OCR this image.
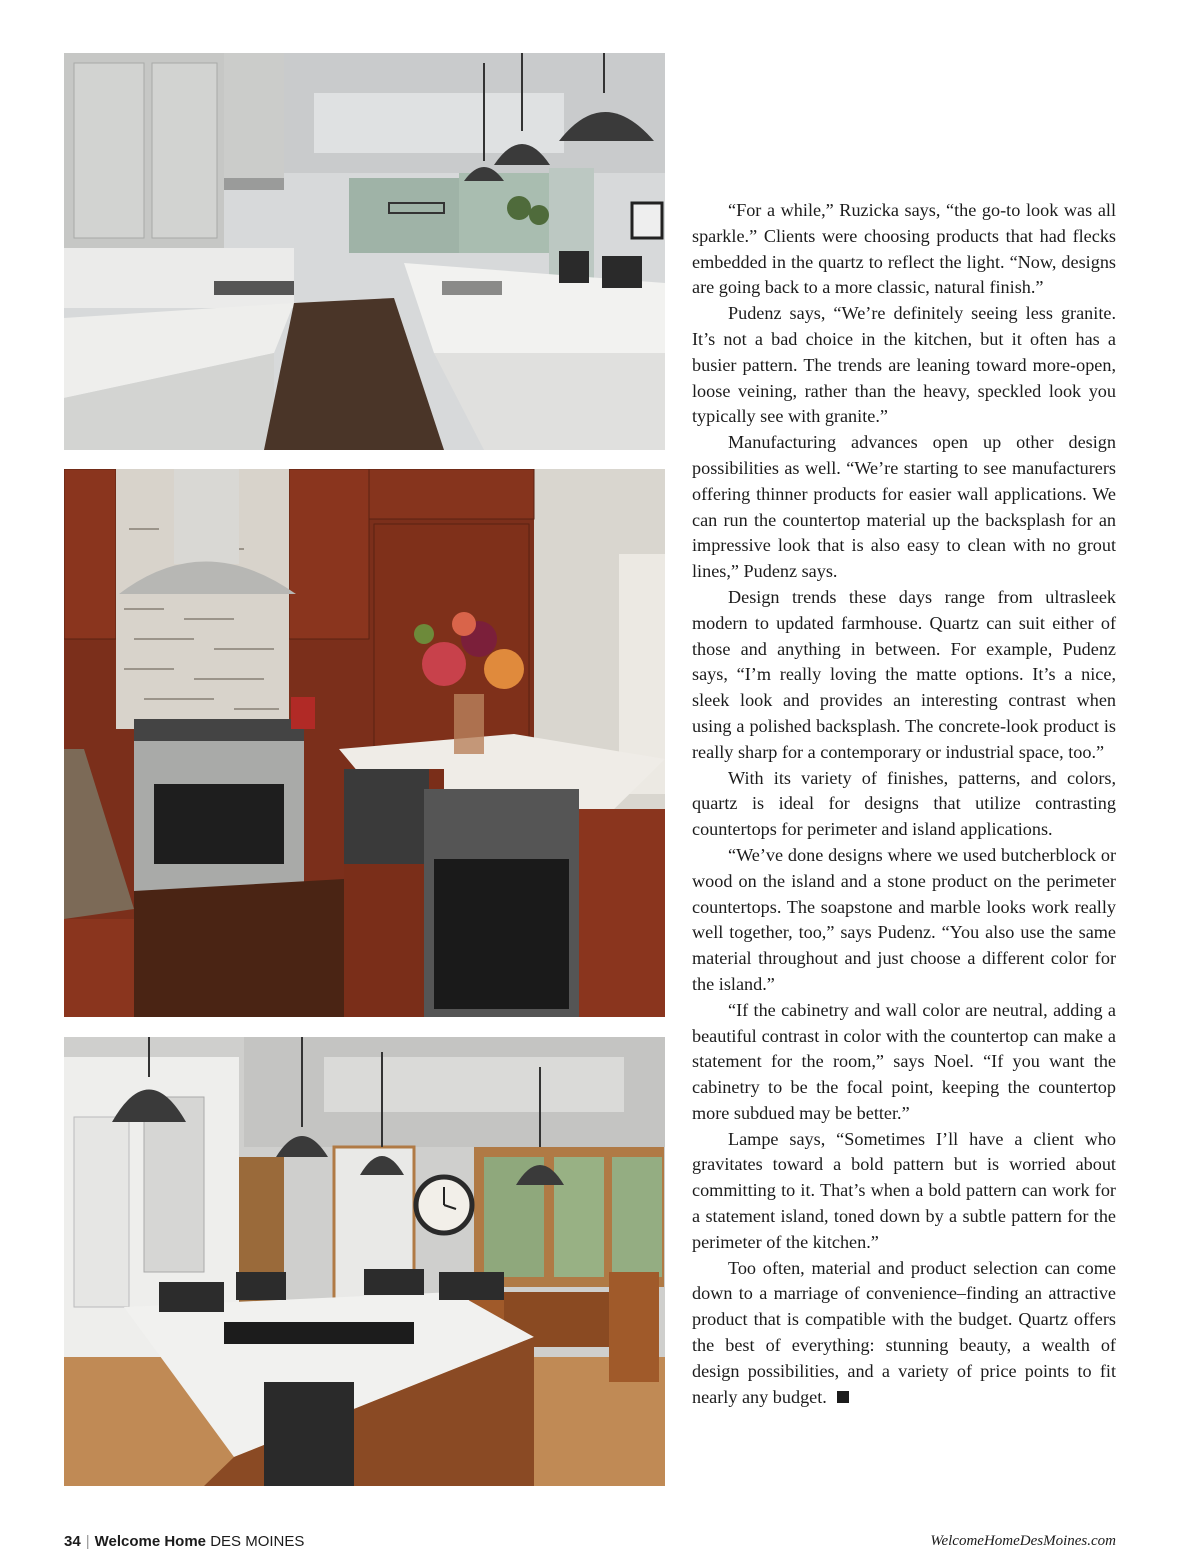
“For a while,” Ruzicka says, “the go-to look was all sparkle.” Clients were choosing products that had flecks embedded in the quartz to reflect the light. “Now, designs are going back to a more classic, natural finish.”

Pudenz says, “We’re definitely seeing less granite. It’s not a bad choice in the kitchen, but it often has a busier pattern. The trends are leaning toward more-open, loose veining, rather than the heavy, speckled look you typically see with granite.”

Manufacturing advances open up other design possibilities as well. “We’re starting to see manufacturers offering thinner products for easier wall applications. We can run the countertop material up the backsplash for an impressive look that is also easy to clean with no grout lines,” Pudenz says.

Design trends these days range from ultrasleek modern to updated farmhouse. Quartz can suit either of those and anything in between. For example, Pudenz says, “I’m really loving the matte options. It’s a nice, sleek look and provides an interesting contrast when using a polished backsplash. The concrete-look product is really sharp for a contemporary or industrial space, too.”

With its variety of finishes, patterns, and colors, quartz is ideal for designs that utilize contrasting countertops for perimeter and island applications.

“We’ve done designs where we used butcherblock or wood on the island and a stone product on the perimeter countertops. The soapstone and marble looks work really well together, too,” says Pudenz. “You also use the same material throughout and just choose a different color for the island.”

“If the cabinetry and wall color are neutral, adding a beautiful contrast in color with the countertop can make a statement for the room,” says Noel. “If you want the cabinetry to be the focal point, keeping the countertop more subdued may be better.”

Lampe says, “Sometimes I’ll have a client who gravitates toward a bold pattern but is worried about committing to it. That’s when a bold pattern can work for a statement island, toned down by a subtle pattern for the perimeter of the kitchen.”

Too often, material and product selection can come down to a marriage of convenience–finding an attractive product that is compatible with the budget. Quartz offers the best of everything: stunning beauty, a wealth of design possibilities, and a variety of price points to fit nearly any budget.

34 | Welcome Home DES MOINES	WelcomeHomeDesMoines.com
